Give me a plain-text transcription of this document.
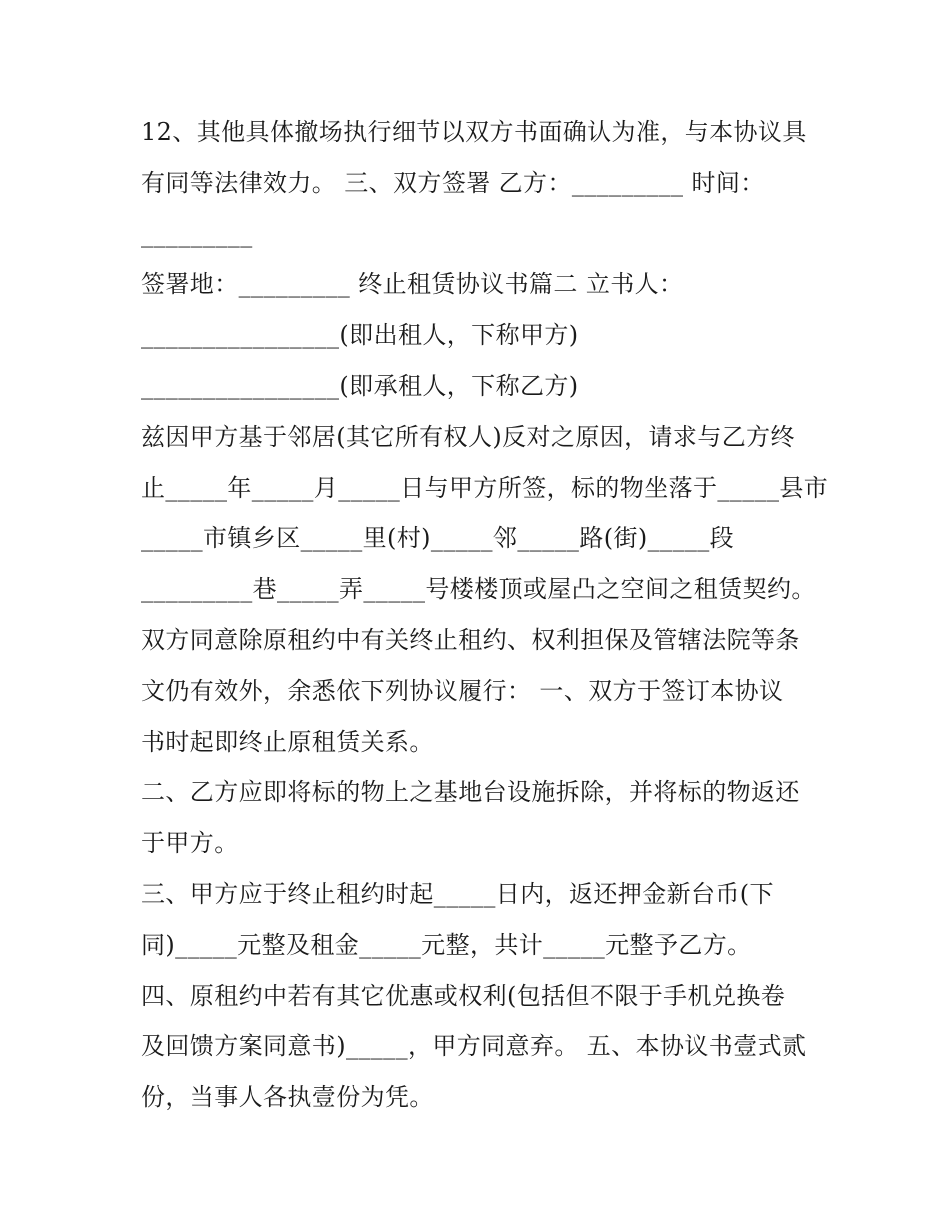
12、其他具体撤场执行细节以双方书面确认为准，与本协议具
有同等法律效力。 三、双方签署 乙方：_________ 时间：
_________
签署地：_________ 终止租赁协议书篇二 立书人：
________________(即出租人，下称甲方)
________________(即承租人，下称乙方)
兹因甲方基于邻居(其它所有权人)反对之原因，请求与乙方终
止_____年_____月_____日与甲方所签，标的物坐落于_____县市
_____市镇乡区_____里(村)_____邻_____路(街)_____段
_________巷_____弄_____号楼楼顶或屋凸之空间之租赁契约。
双方同意除原租约中有关终止租约、权利担保及管辖法院等条
文仍有效外，余悉依下列协议履行： 一、双方于签订本协议
书时起即终止原租赁关系。
二、乙方应即将标的物上之基地台设施拆除，并将标的物返还
于甲方。
三、甲方应于终止租约时起_____日内，返还押金新台币(下
同)_____元整及租金_____元整，共计_____元整予乙方。
四、原租约中若有其它优惠或权利(包括但不限于手机兑换卷
及回馈方案同意书)_____，甲方同意弃。 五、本协议书壹式贰
份，当事人各执壹份为凭。
